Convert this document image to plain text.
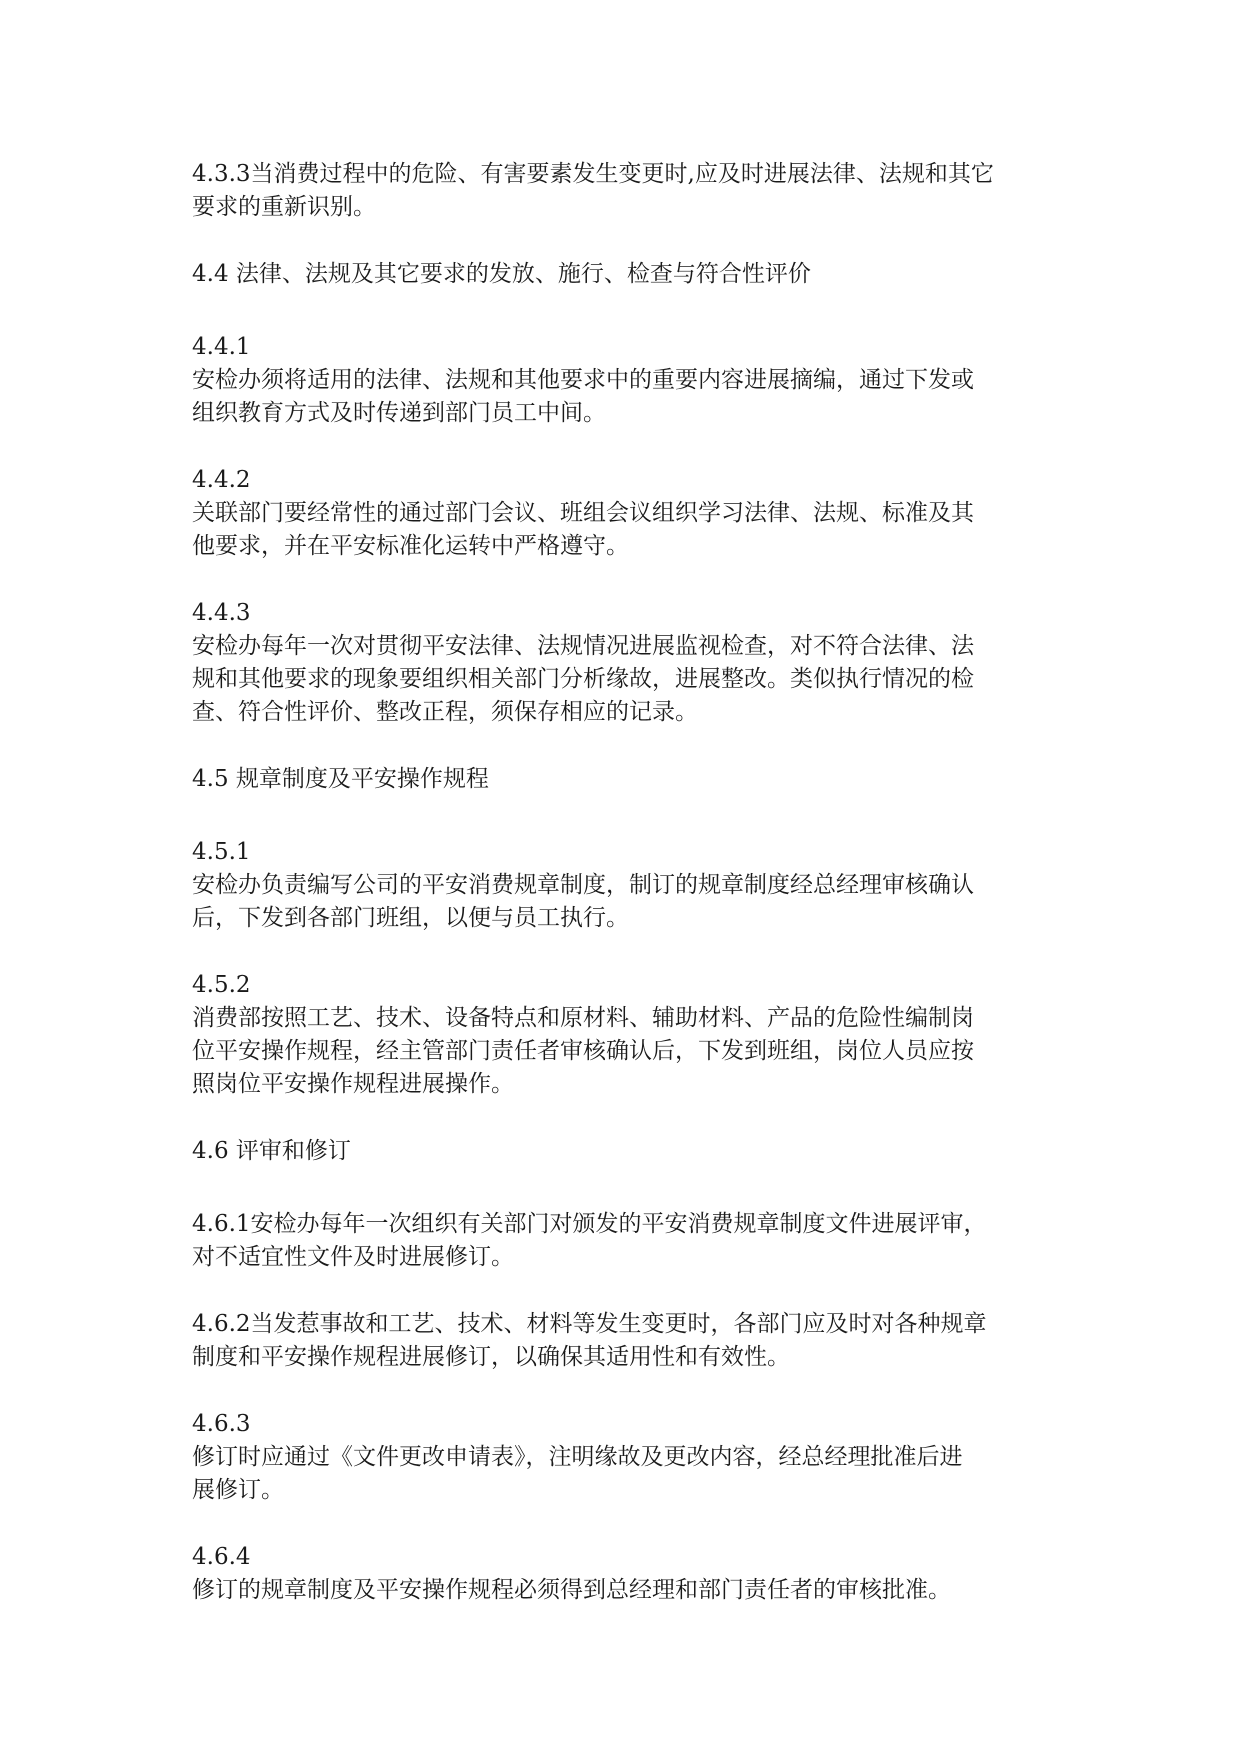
4.3.3当消费过程中的危险、有害要素发生变更时,应及时进展法律、法规和其它
要求的重新识别。

4.4 法律、法规及其它要求的发放、施行、检查与符合性评价

4.4.1
安检办须将适用的法律、法规和其他要求中的重要内容进展摘编，通过下发或
组织教育方式及时传递到部门员工中间。

4.4.2
关联部门要经常性的通过部门会议、班组会议组织学习法律、法规、标准及其
他要求，并在平安标准化运转中严格遵守。

4.4.3
安检办每年一次对贯彻平安法律、法规情况进展监视检查，对不符合法律、法
规和其他要求的现象要组织相关部门分析缘故，进展整改。类似执行情况的检
查、符合性评价、整改正程，须保存相应的记录。

4.5 规章制度及平安操作规程

4.5.1
安检办负责编写公司的平安消费规章制度，制订的规章制度经总经理审核确认
后，下发到各部门班组，以便与员工执行。

4.5.2
消费部按照工艺、技术、设备特点和原材料、辅助材料、产品的危险性编制岗
位平安操作规程，经主管部门责任者审核确认后，下发到班组，岗位人员应按
照岗位平安操作规程进展操作。

4.6 评审和修订

4.6.1安检办每年一次组织有关部门对颁发的平安消费规章制度文件进展评审，
对不适宜性文件及时进展修订。

4.6.2当发惹事故和工艺、技术、材料等发生变更时，各部门应及时对各种规章
制度和平安操作规程进展修订，以确保其适用性和有效性。

4.6.3
修订时应通过《文件更改申请表》，注明缘故及更改内容，经总经理批准后进
展修订。

4.6.4
修订的规章制度及平安操作规程必须得到总经理和部门责任者的审核批准。
